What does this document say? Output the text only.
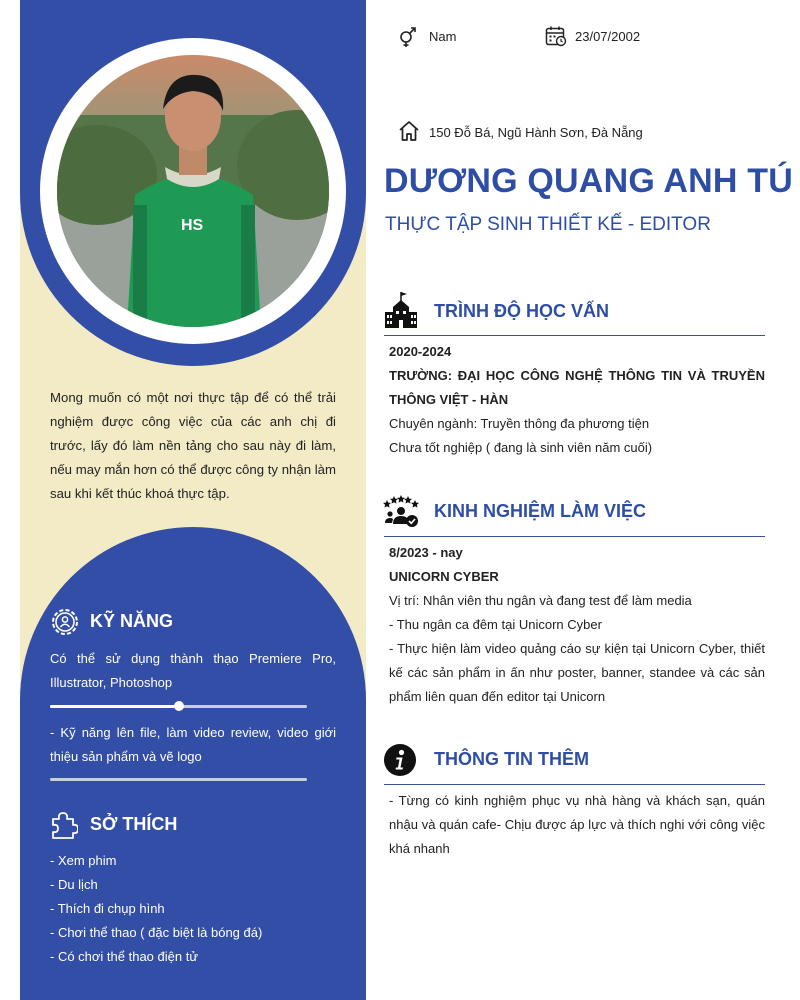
HS
Mong muốn có một nơi thực tập để có thể trải nghiệm được công việc của các anh chị đi trước, lấy đó làm nền tảng cho sau này đi làm, nếu may mắn hơn có thể được công ty nhận làm sau khi kết thúc khoá thực tập.
KỸ NĂNG
Có thể sử dụng thành thạo Premiere Pro, Illustrator, Photoshop
- Kỹ năng lên file, làm video review, video giới thiệu sản phẩm và vẽ logo
SỞ THÍCH
- Xem phim
- Du lịch
- Thích đi chụp hình
- Chơi thể thao ( đặc biệt là bóng đá)
- Có chơi thể thao điện tử
Nam	23/07/2002
150 Đỗ Bá, Ngũ Hành Sơn, Đà Nẵng
DƯƠNG QUANG ANH TÚ
THỰC TẬP SINH THIẾT KẾ - EDITOR
TRÌNH ĐỘ HỌC VẤN
2020-2024
TRƯỜNG: ĐẠI HỌC CÔNG NGHỆ THÔNG TIN VÀ TRUYỀN THÔNG VIỆT - HÀN
Chuyên ngành: Truyền thông đa phương tiện
Chưa tốt nghiệp ( đang là sinh viên năm cuối)
KINH NGHIỆM LÀM VIỆC
8/2023 - nay
UNICORN CYBER
Vị trí: Nhân viên thu ngân và đang test để làm media
- Thu ngân ca đêm tại Unicorn Cyber
- Thực hiện làm video quảng cáo sự kiện tại Unicorn Cyber, thiết kế các sản phẩm in ấn như poster, banner, standee và các sản phẩm liên quan đến editor tại Unicorn
THÔNG TIN THÊM
- Từng có kinh nghiệm phục vụ nhà hàng và khách sạn, quán nhậu và quán cafe- Chịu được áp lực và thích nghi với công việc khá nhanh
